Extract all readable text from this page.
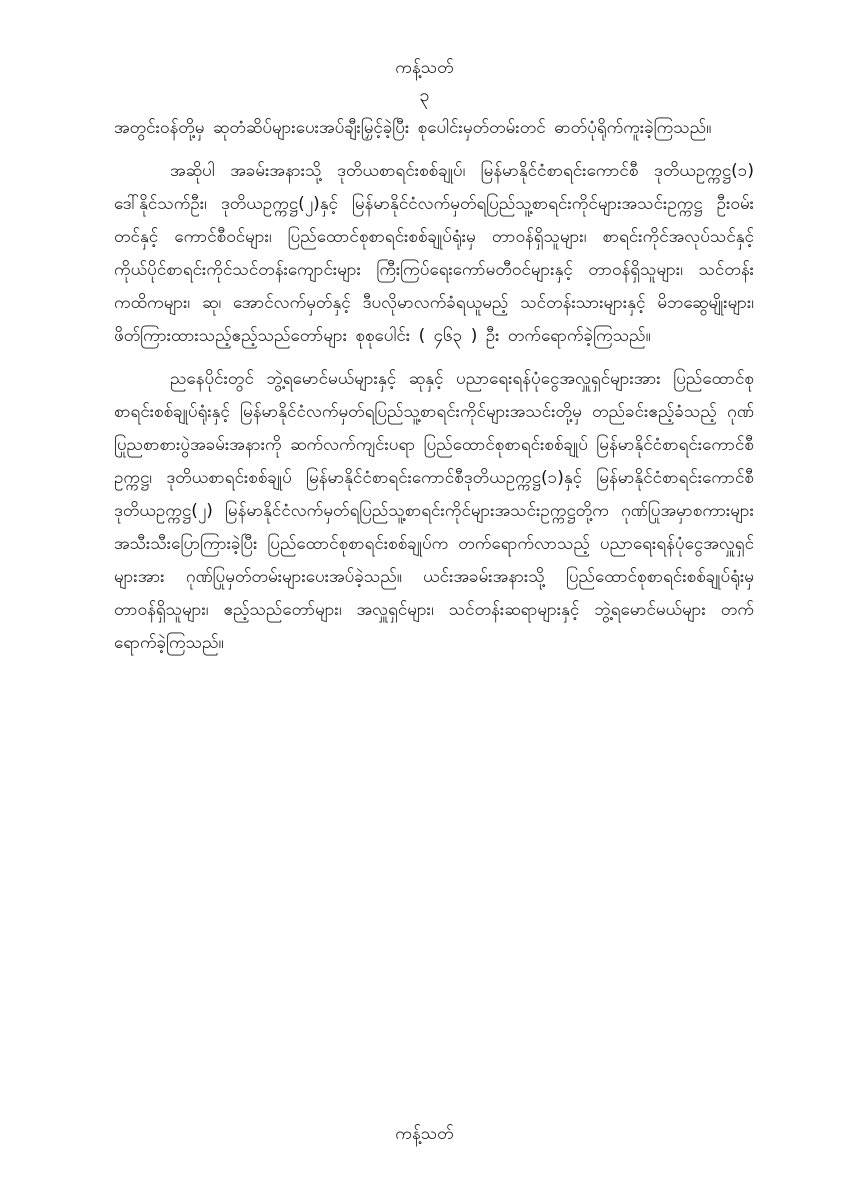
ကန့်သတ်
၃

အတွင်းဝန်တို့မှ ဆုတံဆိပ်များပေးအပ်ချီးမြှင့်ခဲ့ပြီး စုပေါင်းမှတ်တမ်းတင် ဓာတ်ပုံရိုက်ကူးခဲ့ကြသည်။

အဆိုပါ အခမ်းအနားသို့ ဒုတိယစာရင်းစစ်ချုပ်၊ မြန်မာနိုင်ငံစာရင်းကောင်စီ ဒုတိယဥက္ကဋ္ဌ(၁) ဒေါ်နိုင်သက်ဦး၊ ဒုတိယဥက္ကဋ္ဌ(၂)နှင့် မြန်မာနိုင်ငံလက်မှတ်ရပြည်သူ့စာရင်းကိုင်များအသင်းဥက္ကဋ္ဌ ဦးဝမ်းတင်နှင့် ကောင်စီဝင်များ၊ ပြည်ထောင်စုစာရင်းစစ်ချုပ်ရုံးမှ တာဝန်ရှိသူများ၊ စာရင်းကိုင်အလုပ်သင်နှင့် ကိုယ်ပိုင်စာရင်းကိုင်သင်တန်းကျောင်းများ ကြီးကြပ်ရေးကော်မတီဝင်များနှင့် တာဝန်ရှိသူများ၊ သင်တန်းကထိကများ၊ ဆု၊ အောင်လက်မှတ်နှင့် ဒီပလိုမာလက်ခံရယူမည့် သင်တန်းသားများနှင့် မိဘဆွေမျိုးများ၊ ဖိတ်ကြားထားသည့်ဧည့်သည်တော်များ စုစုပေါင်း ( ၄၆၃ ) ဦး တက်ရောက်ခဲ့ကြသည်။

ညနေပိုင်းတွင် ဘွဲ့ရမောင်မယ်များနှင့် ဆုနှင့် ပညာရေးရန်ပုံငွေအလှူရှင်များအား ပြည်ထောင်စုစာရင်းစစ်ချုပ်ရုံးနှင့် မြန်မာနိုင်ငံလက်မှတ်ရပြည်သူ့စာရင်းကိုင်များအသင်းတို့မှ တည်ခင်းဧည့်ခံသည့် ဂုဏ်ပြုညစာစားပွဲအခမ်းအနားကို ဆက်လက်ကျင်းပရာ ပြည်ထောင်စုစာရင်းစစ်ချုပ် မြန်မာနိုင်ငံစာရင်းကောင်စီဥက္ကဋ္ဌ၊ ဒုတိယစာရင်းစစ်ချုပ် မြန်မာနိုင်ငံစာရင်းကောင်စီဒုတိယဥက္ကဋ္ဌ(၁)နှင့် မြန်မာနိုင်ငံစာရင်းကောင်စီ ဒုတိယဥက္ကဋ္ဌ(၂) မြန်မာနိုင်ငံလက်မှတ်ရပြည်သူ့စာရင်းကိုင်များအသင်းဥက္ကဋ္ဌတို့က ဂုဏ်ပြုအမှာစကားများ အသီးသီးပြောကြားခဲ့ပြီး ပြည်ထောင်စုစာရင်းစစ်ချုပ်က တက်ရောက်လာသည့် ပညာရေးရန်ပုံငွေအလှူရှင်များအား ဂုဏ်ပြုမှတ်တမ်းများပေးအပ်ခဲ့သည်။ ယင်းအခမ်းအနားသို့ ပြည်ထောင်စုစာရင်းစစ်ချုပ်ရုံးမှ တာဝန်ရှိသူများ၊ ဧည့်သည်တော်များ၊ အလှူရှင်များ၊ သင်တန်းဆရာများနှင့် ဘွဲ့ရမောင်မယ်များ တက်ရောက်ခဲ့ကြသည်။

ကန့်သတ်
